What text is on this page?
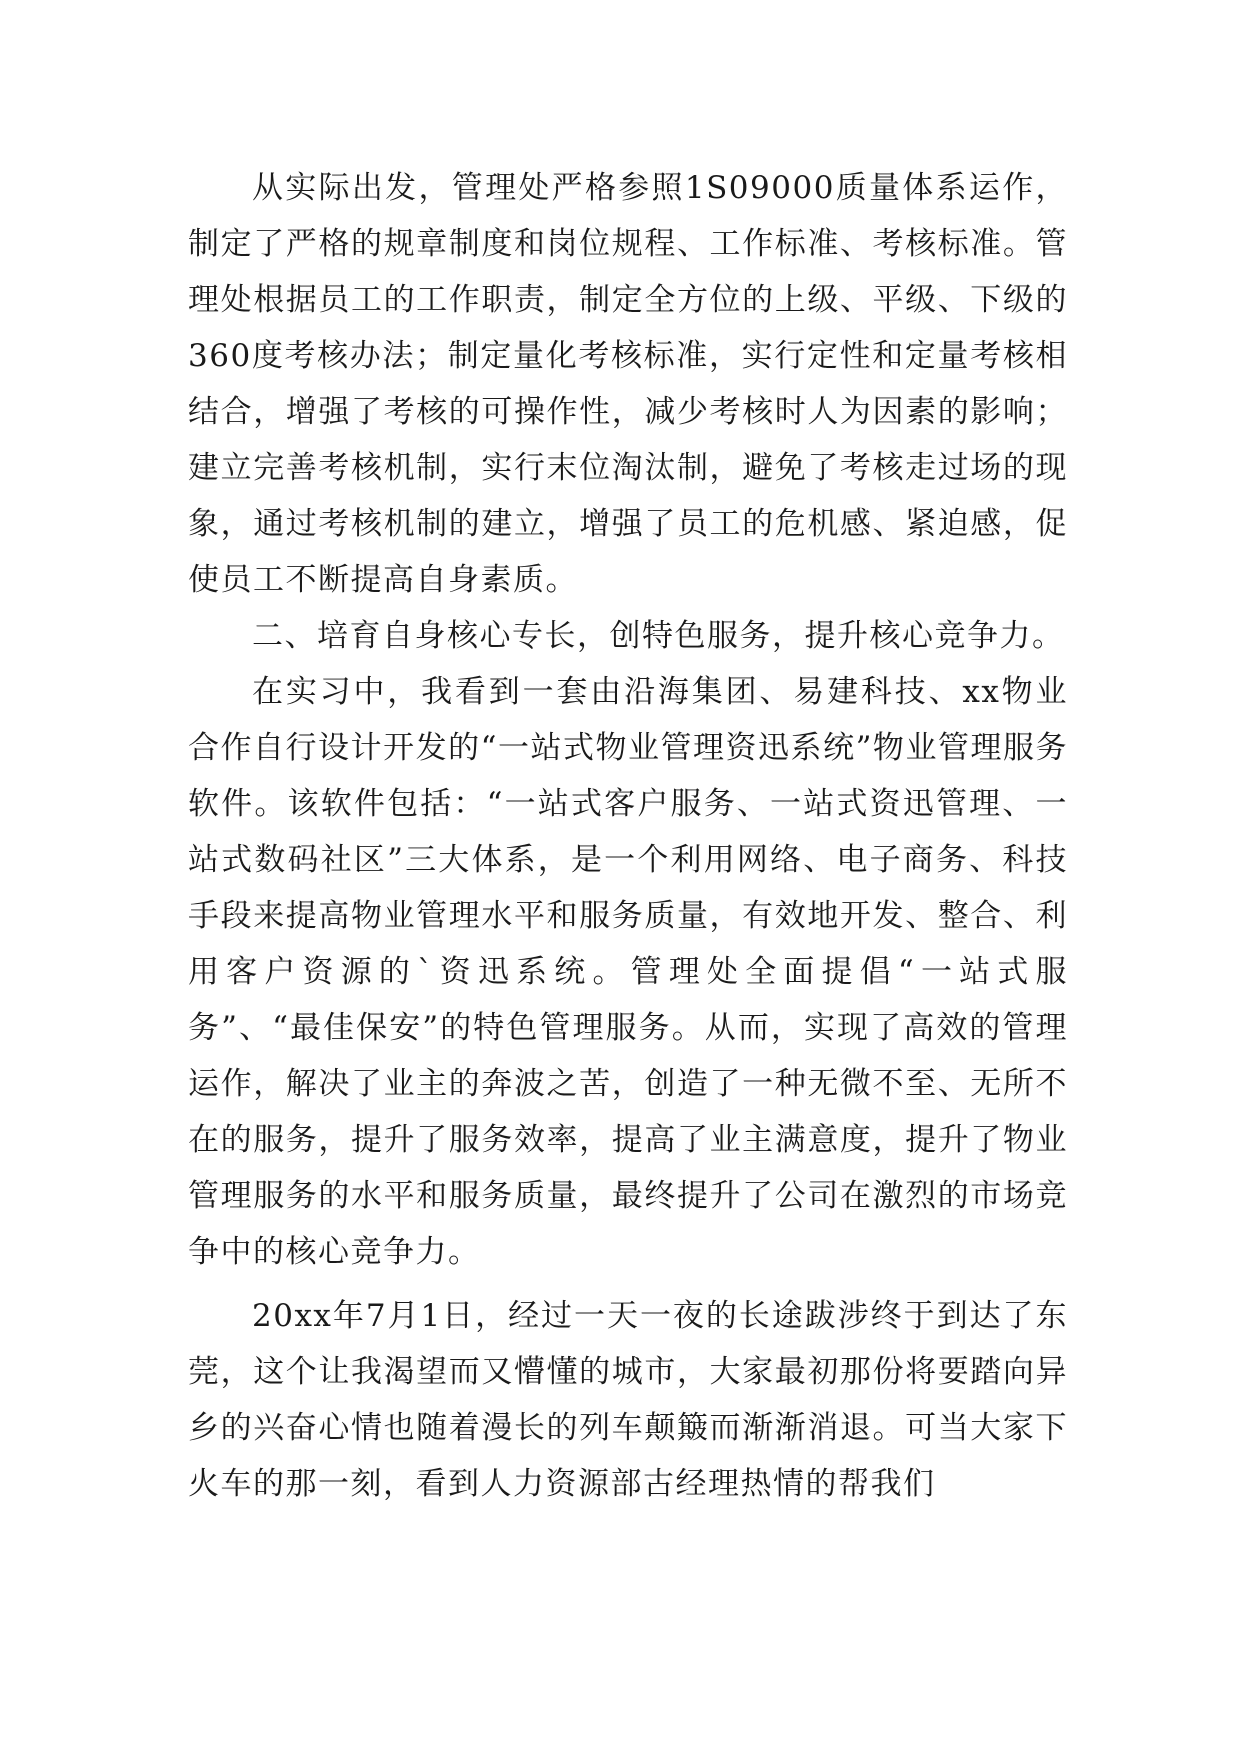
从实际出发，管理处严格参照1S09000质量体系运作，制定了严格的规章制度和岗位规程、工作标准、考核标准。管理处根据员工的工作职责，制定全方位的上级、平级、下级的360度考核办法；制定量化考核标准，实行定性和定量考核相结合，增强了考核的可操作性，减少考核时人为因素的影响；建立完善考核机制，实行末位淘汰制，避免了考核走过场的现象，通过考核机制的建立，增强了员工的危机感、紧迫感，促使员工不断提高自身素质。

二、培育自身核心专长，创特色服务，提升核心竞争力。

在实习中，我看到一套由沿海集团、易建科技、xx物业合作自行设计开发的“一站式物业管理资迅系统”物业管理服务软件。该软件包括：“一站式客户服务、一站式资迅管理、一站式数码社区”三大体系，是一个利用网络、电子商务、科技手段来提高物业管理水平和服务质量，有效地开发、整合、利用客户资源的`资迅系统。管理处全面提倡“一站式服务”、“最佳保安”的特色管理服务。从而，实现了高效的管理运作，解决了业主的奔波之苦，创造了一种无微不至、无所不在的服务，提升了服务效率，提高了业主满意度，提升了物业管理服务的水平和服务质量，最终提升了公司在激烈的市场竞争中的核心竞争力。

20xx年7月1日，经过一天一夜的长途跋涉终于到达了东莞，这个让我渴望而又懵懂的城市，大家最初那份将要踏向异乡的兴奋心情也随着漫长的列车颠簸而渐渐消退。可当大家下火车的那一刻，看到人力资源部古经理热情的帮我们
